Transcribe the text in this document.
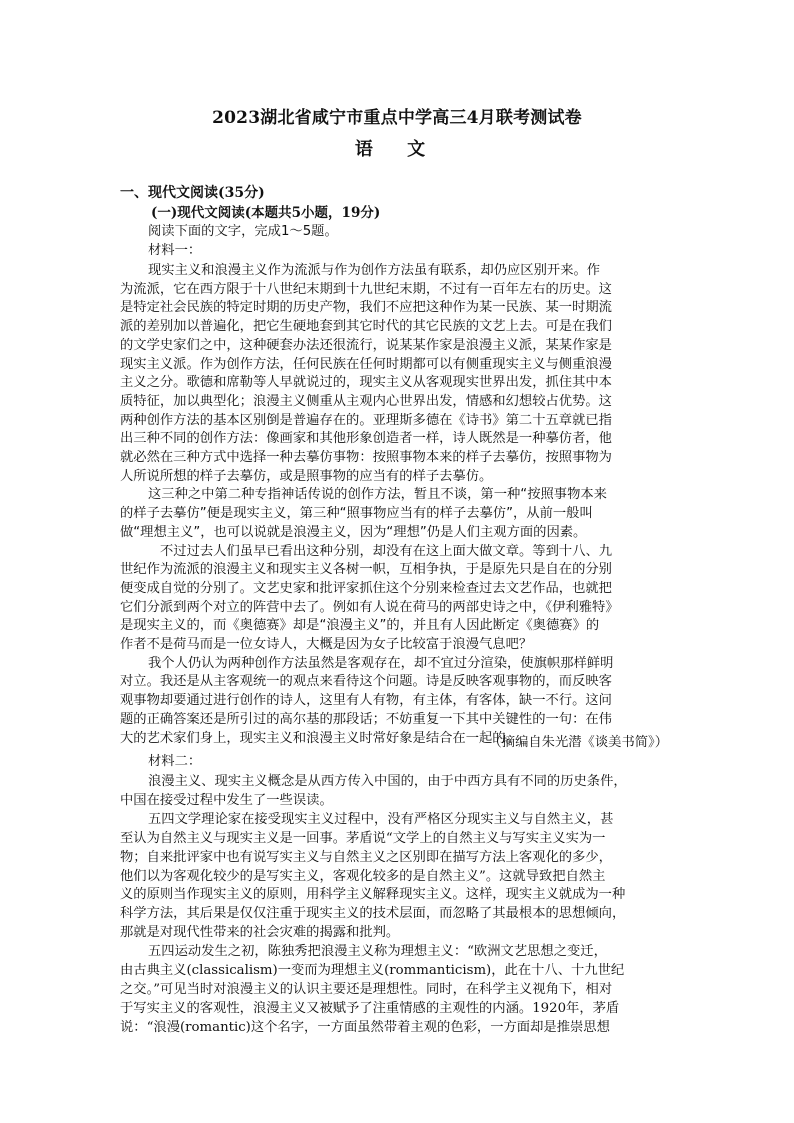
2023湖北省咸宁市重点中学高三4月联考测试卷
语 文
一、现代文阅读(35分)
(一)现代文阅读(本题共5小题，19分)
阅读下面的文字，完成1～5题。
材料一：
现实主义和浪漫主义作为流派与作为创作方法虽有联系，却仍应区别开来。作
为流派，它在西方限于十八世纪末期到十九世纪末期，不过有一百年左右的历史。这
是特定社会民族的特定时期的历史产物，我们不应把这种作为某一民族、某一时期流
派的差别加以普遍化，把它生硬地套到其它时代的其它民族的文艺上去。可是在我们
的文学史家们之中，这种硬套办法还很流行，说某某作家是浪漫主义派，某某作家是
现实主义派。作为创作方法，任何民族在任何时期都可以有侧重现实主义与侧重浪漫
主义之分。歌德和席勒等人早就说过的，现实主义从客观现实世界出发，抓住其中本
质特征，加以典型化；浪漫主义侧重从主观内心世界出发，情感和幻想较占优势。这
两种创作方法的基本区别倒是普遍存在的。亚理斯多德在《诗书》第二十五章就已指
出三种不同的创作方法：像画家和其他形象创造者一样，诗人既然是一种摹仿者，他
就必然在三种方式中选择一种去摹仿事物：按照事物本来的样子去摹仿，按照事物为
人所说所想的样子去摹仿，或是照事物的应当有的样子去摹仿。
这三种之中第二种专指神话传说的创作方法，暂且不谈，第一种“按照事物本来
的样子去摹仿”便是现实主义，第三种“照事物应当有的样子去摹仿”，从前一般叫
做“理想主义”，也可以说就是浪漫主义，因为“理想”仍是人们主观方面的因素。
不过过去人们虽早已看出这种分别，却没有在这上面大做文章。等到十八、九
世纪作为流派的浪漫主义和现实主义各树一帜，互相争执，于是原先只是自在的分别
便变成自觉的分别了。文艺史家和批评家抓住这个分别来检查过去文艺作品，也就把
它们分派到两个对立的阵营中去了。例如有人说在荷马的两部史诗之中，《伊利雅特》
是现实主义的，而《奥德赛》却是“浪漫主义”的，并且有人因此断定《奥德赛》的
作者不是荷马而是一位女诗人，大概是因为女子比较富于浪漫气息吧？
我个人仍认为两种创作方法虽然是客观存在，却不宜过分渲染，使旗帜那样鲜明
对立。我还是从主客观统一的观点来看待这个问题。诗是反映客观事物的，而反映客
观事物却要通过进行创作的诗人，这里有人有物，有主体，有客体，缺一不行。这问
题的正确答案还是所引过的高尔基的那段话；不妨重复一下其中关键性的一句：在伟
大的艺术家们身上，现实主义和浪漫主义时常好象是结合在一起的。
（摘编自朱光潜《谈美书简》）
材料二：
浪漫主义、现实主义概念是从西方传入中国的，由于中西方具有不同的历史条件，
中国在接受过程中发生了一些误读。
五四文学理论家在接受现实主义过程中，没有严格区分现实主义与自然主义，甚
至认为自然主义与现实主义是一回事。茅盾说“文学上的自然主义与写实主义实为一
物；自来批评家中也有说写实主义与自然主义之区别即在描写方法上客观化的多少，
他们以为客观化较少的是写实主义，客观化较多的是自然主义”。这就导致把自然主
义的原则当作现实主义的原则，用科学主义解释现实主义。这样，现实主义就成为一种
科学方法，其后果是仅仅注重于现实主义的技术层面，而忽略了其最根本的思想倾向，
那就是对现代性带来的社会灾难的揭露和批判。
五四运动发生之初，陈独秀把浪漫主义称为理想主义：“欧洲文艺思想之变迁，
由古典主义(classicalism)一变而为理想主义(rommanticism)，此在十八、十九世纪
之交。”可见当时对浪漫主义的认识主要还是理想性。同时，在科学主义视角下，相对
于写实主义的客观性，浪漫主义又被赋予了注重情感的主观性的内涵。1920年，茅盾
说：“浪漫(romantic)这个名字，一方面虽然带着主观的色彩，一方面却是推崇思想
